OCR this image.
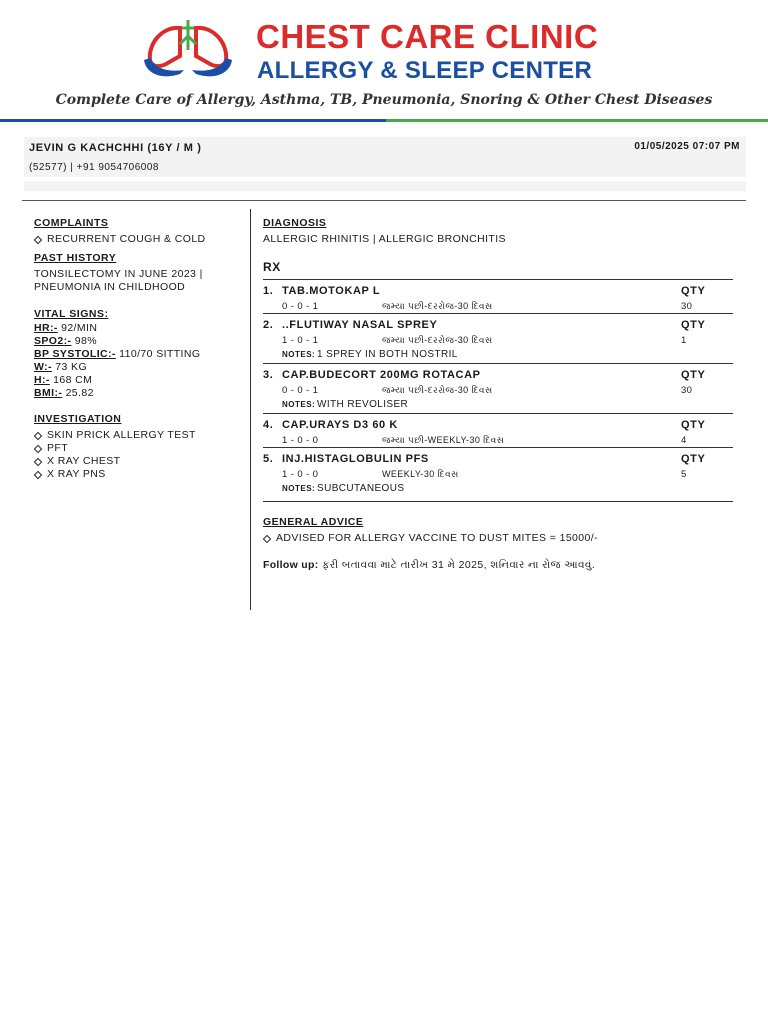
CHEST CARE CLINIC
ALLERGY & SLEEP CENTER
Complete Care of Allergy, Asthma, TB, Pneumonia, Snoring & Other Chest Diseases
JEVIN G KACHCHHI (16Y / M )
(52577) | +91 9054706008
01/05/2025 07:07 PM
COMPLAINTS
RECURRENT COUGH & COLD
PAST HISTORY
TONSILECTOMY IN JUNE 2023 |
PNEUMONIA IN CHILDHOOD
VITAL SIGNS:
HR:- 92/MIN
SPO2:- 98%
BP SYSTOLIC:- 110/70 SITTING
W:- 73 KG
H:- 168 CM
BMI:- 25.82
INVESTIGATION
SKIN PRICK ALLERGY TEST
PFT
X RAY CHEST
X RAY PNS
DIAGNOSIS
ALLERGIC RHINITIS | ALLERGIC BRONCHITIS
RX
1. TAB.MOTOKAP L	QTY
0 - 0 - 1	જમ્યા પછી-દરરોજ-30 દિવસ	30
2. ..FLUTIWAY NASAL SPREY	QTY
1 - 0 - 1	જમ્યા પછી-દરરોજ-30 દિવસ	1
NOTES: 1 SPREY IN BOTH NOSTRIL
3. CAP.BUDECORT 200MG ROTACAP	QTY
0 - 0 - 1	જમ્યા પછી-દરરોજ-30 દિવસ	30
NOTES: WITH REVOLISER
4. CAP.URAYS D3 60 K	QTY
1 - 0 - 0	જમ્યા પછી-WEEKLY-30 દિવસ	4
5. INJ.HISTAGLOBULIN PFS	QTY
1 - 0 - 0	WEEKLY-30 દિવસ	5
NOTES: SUBCUTANEOUS
GENERAL ADVICE
ADVISED FOR ALLERGY VACCINE TO DUST MITES = 15000/-
Follow up: ફરી બતાવવા માટે તારીખ 31 મે 2025, શનિવાર ના રોજ આવવું.
